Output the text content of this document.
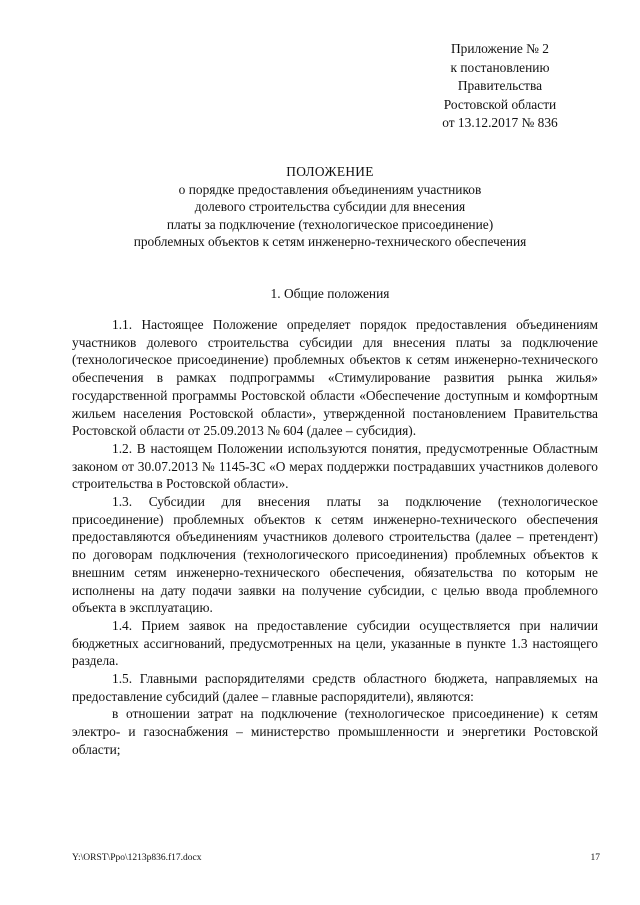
Приложение № 2
к постановлению
Правительства
Ростовской области
от 13.12.2017 № 836
ПОЛОЖЕНИЕ
о порядке предоставления объединениям участников
долевого строительства субсидии для внесения
платы за подключение (технологическое присоединение)
проблемных объектов к сетям инженерно-технического обеспечения
1. Общие положения

1.1. Настоящее Положение определяет порядок предоставления объединениям участников долевого строительства субсидии для внесения платы за подключение (технологическое присоединение) проблемных объектов к сетям инженерно-технического обеспечения в рамках подпрограммы «Стимулирование развития рынка жилья» государственной программы Ростовской области «Обеспечение доступным и комфортным жильем населения Ростовской области», утвержденной постановлением Правительства Ростовской области от 25.09.2013 № 604 (далее – субсидия).

1.2. В настоящем Положении используются понятия, предусмотренные Областным законом от 30.07.2013 № 1145-ЗС «О мерах поддержки пострадавших участников долевого строительства в Ростовской области».

1.3. Субсидии для внесения платы за подключение (технологическое присоединение) проблемных объектов к сетям инженерно-технического обеспечения предоставляются объединениям участников долевого строительства (далее – претендент) по договорам подключения (технологического присоединения) проблемных объектов к внешним сетям инженерно-технического обеспечения, обязательства по которым не исполнены на дату подачи заявки на получение субсидии, с целью ввода проблемного объекта в эксплуатацию.

1.4. Прием заявок на предоставление субсидии осуществляется при наличии бюджетных ассигнований, предусмотренных на цели, указанные в пункте 1.3 настоящего раздела.

1.5. Главными распорядителями средств областного бюджета, направляемых на предоставление субсидий (далее – главные распорядители), являются:

в отношении затрат на подключение (технологическое присоединение) к сетям электро- и газоснабжения – министерство промышленности и энергетики Ростовской области;

Y:\ORST\Ppo\1213p836.f17.docx	17
